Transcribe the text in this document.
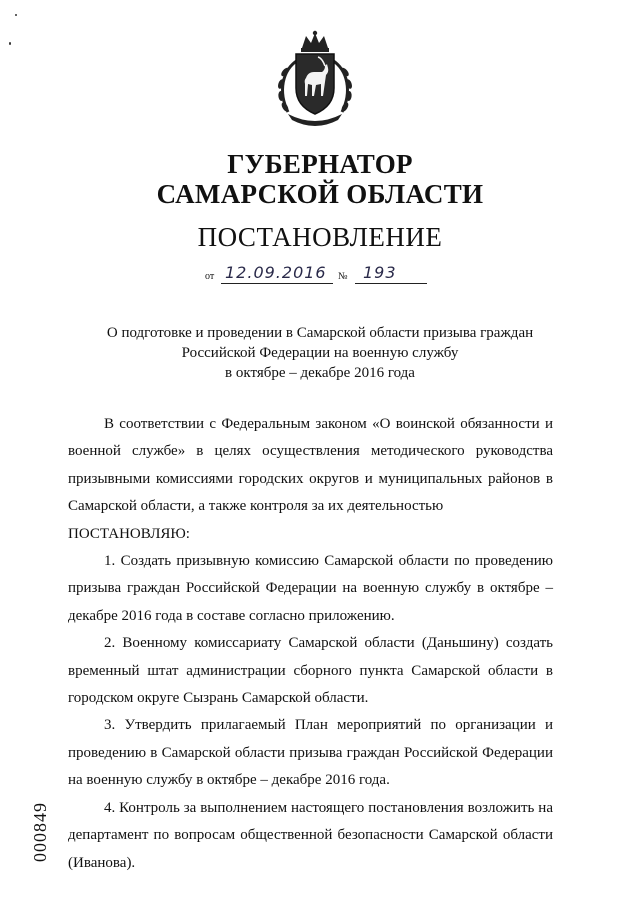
ГУБЕРНАТОР
САМАРСКОЙ ОБЛАСТИ
ПОСТАНОВЛЕНИЕ
от 12.09.2016 № 193
О подготовке и проведении в Самарской области призыва граждан
Российской Федерации на военную службу
в октябре – декабре 2016 года

В соответствии с Федеральным законом «О воинской обязанности и военной службе» в целях осуществления методического руководства призывными комиссиями городских округов и муниципальных районов в Самарской области, а также контроля за их деятельностью

ПОСТАНОВЛЯЮ:

1. Создать призывную комиссию Самарской области по проведению призыва граждан Российской Федерации на военную службу в октябре – декабре 2016 года в составе согласно приложению.

2. Военному комиссариату Самарской области (Даньшину) создать временный штат администрации сборного пункта Самарской области в городском округе Сызрань Самарской области.

3. Утвердить прилагаемый План мероприятий по организации и проведению в Самарской области призыва граждан Российской Федерации на военную службу в октябре – декабре 2016 года.

4. Контроль за выполнением настоящего постановления возложить на департамент по вопросам общественной безопасности Самарской области (Иванова).

000849
